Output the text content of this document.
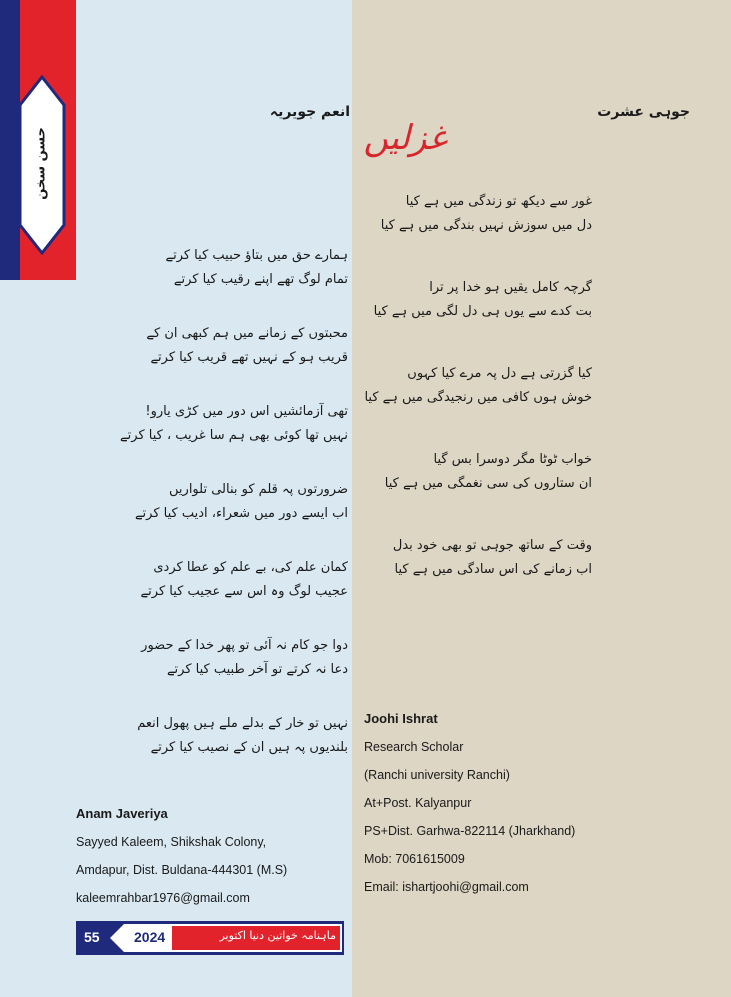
حسن سخن
جوہی عشرت
غزلیں
غور سے دیکھ تو زندگی میں ہے کیا
دل میں سوزش نہیں بندگی میں ہے کیا
گرچہ کامل یقیں ہو خدا پر ترا
بت کدے سے یوں ہی دل لگی میں ہے کیا
کیا گزرتی ہے دل پہ مرے کیا کہوں
خوش ہوں کافی میں رنجیدگی میں ہے کیا
خواب ٹوٹا مگر دوسرا بس گیا
ان ستاروں کی سی نغمگی میں ہے کیا
وقت کے ساتھ جوہی تو بھی خود بدل
اب زمانے کی اس سادگی میں ہے کیا
انعم جویریہ
ہمارے حق میں بتاؤ حبیب کیا کرتے
تمام لوگ تھے اپنے رقیب کیا کرتے
محبتوں کے زمانے میں ہم کبھی ان کے
قریب ہو کے نہیں تھے قریب کیا کرتے
تھی آزمائشیں اس دور میں کڑی یارو!
نہیں تھا کوئی بھی ہم سا غریب ، کیا کرتے
ضرورتوں پہ قلم کو بنالی تلواریں
اب ایسے دور میں شعراء، ادیب کیا کرتے
کمان علم کی، بے علم کو عطا کردی
عجیب لوگ وہ اس سے عجیب کیا کرتے
دوا جو کام نہ آئی تو پھر خدا کے حضور
دعا نہ کرتے تو آخر طبیب کیا کرتے
نہیں تو خار کے بدلے ملے ہیں پھول انعم
بلندیوں پہ ہیں ان کے نصیب کیا کرتے
Anam Javeriya
Sayyed Kaleem, Shikshak Colony,
Amdapur, Dist. Buldana-444301 (M.S)
kaleemrahbar1976@gmail.com
Joohi Ishrat
Research Scholar
(Ranchi university Ranchi)
At+Post. Kalyanpur
PS+Dist. Garhwa-822114 (Jharkhand)
Mob: 7061615009
Email: ishartjoohi@gmail.com
55 2024	ماہنامہ خواتین دنیا اکتوبر
